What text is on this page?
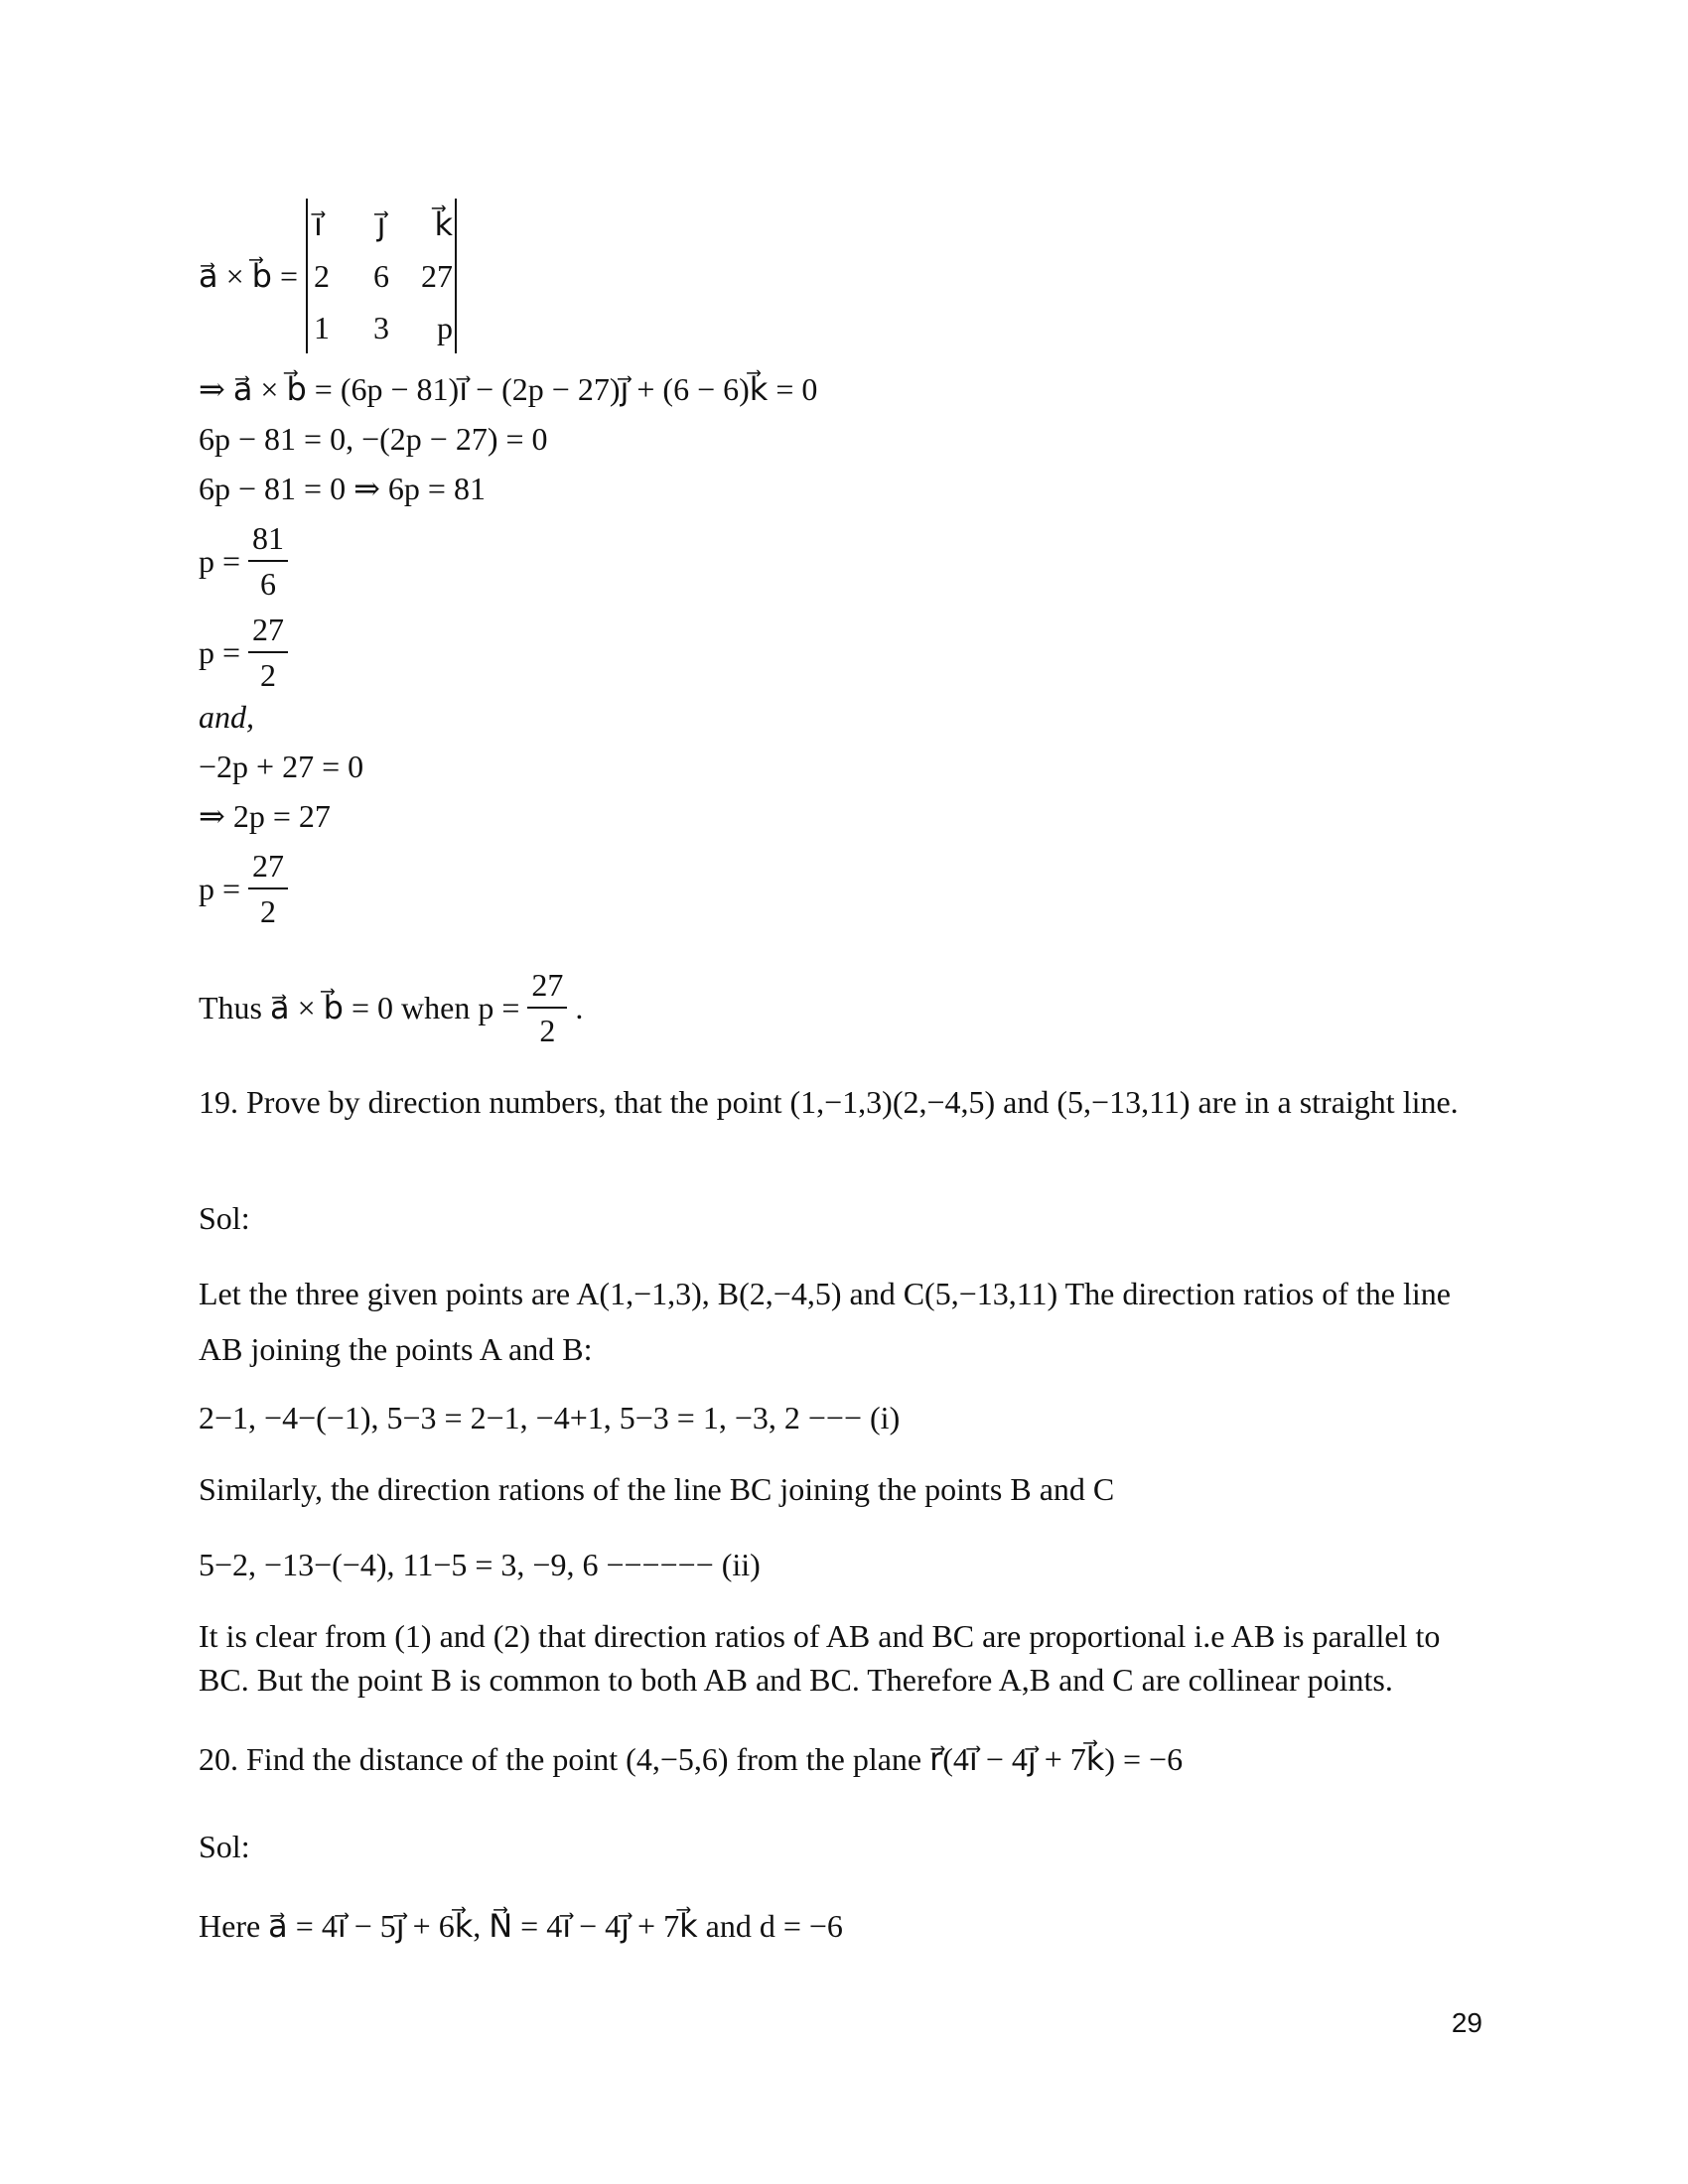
a⃗ × b⃗ =
i⃗	j⃗	k⃗
2	6	27
1	3	p
⇒ a⃗ × b⃗ = (6p − 81)i⃗ − (2p − 27)j⃗ + (6 − 6)k⃗ = 0
6p − 81 = 0, −(2p − 27) = 0
6p − 81 = 0 ⇒ 6p = 81
$p = \frac{81}{6}$
$p = \frac{27}{2}$
and,
−2p + 27 = 0
⇒ 2p = 27
$p = \frac{27}{2}$
Thus a⃗ × b⃗ = 0 when $p = \frac{27}{2}$ .
19. Prove by direction numbers, that the point (1,−1,3)(2,−4,5) and (5,−13,11) are in a straight line.
Sol:
Let the three given points are A(1,−1,3), B(2,−4,5) and C(5,−13,11) The direction ratios of the line AB joining the points A and B:
2−1, −4−(−1), 5−3 = 2−1, −4+1, 5−3 = 1, −3, 2 −−− (i)
Similarly, the direction rations of the line BC joining the points B and C
5−2, −13−(−4), 11−5 = 3, −9, 6 −−−−−− (ii)
It is clear from (1) and (2) that direction ratios of AB and BC are proportional i.e AB is parallel to BC. But the point B is common to both AB and BC. Therefore A,B and C are collinear points.
20. Find the distance of the point (4,−5,6) from the plane r⃗(4i⃗ − 4j⃗ + 7k⃗) = −6
Sol:
Here a⃗ = 4i⃗ − 5j⃗ + 6k⃗, N⃗ = 4i⃗ − 4j⃗ + 7k⃗ and d = −6
29
